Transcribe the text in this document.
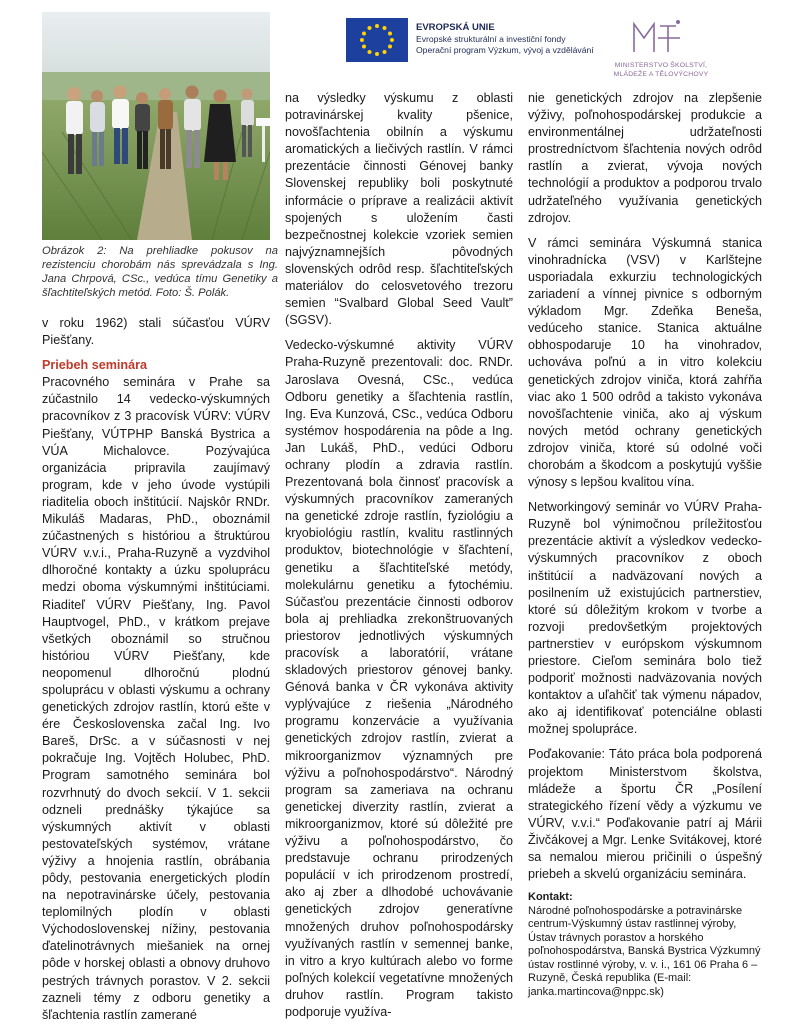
Obrázok 2: Na prehliadke pokusov na rezistenciu chorobám nás sprevádzala s Ing. Jana Chrpová, CSc., vedúca tímu Genetiky a šľachtiteľských metód. Foto: Š. Polák.
EVROPSKÁ UNIE
Evropské strukturální a investiční fondy
Operační program Výzkum, vývoj a vzdělávání
MINISTERSTVO ŠKOLSTVÍ,
MLÁDEŽE A TĚLOVÝCHOVY

v roku 1962) stali súčasťou VÚRV Piešťany.

Priebeh seminára

Pracovného seminára v Prahe sa zúčastnilo 14 vedecko-výskumných pracovníkov z 3 pracovísk VÚRV: VÚRV Piešťany, VÚTPHP Banská Bystrica a VÚA Michalovce. Pozývajúca organizácia pripravila zaujímavý program, kde v jeho úvode vystúpili riaditelia oboch inštitúcií. Najskôr RNDr. Mikuláš Madaras, PhD., oboznámil zúčastnených s históriou a štruktúrou VÚRV v.v.i., Praha-Ruzyně a vyzdvihol dlhoročné kontakty a úzku spoluprácu medzi oboma výskumnými inštitúciami. Riaditeľ VÚRV Piešťany, Ing. Pavol Hauptvogel, PhD., v krátkom prejave všetkých oboznámil so stručnou históriou VÚRV Piešťany, kde neopomenul dlhoročnú plodnú spoluprácu v oblasti výskumu a ochrany genetických zdrojov rastlín, ktorú ešte v ére Československa začal Ing. Ivo Bareš, DrSc. a v súčasnosti v nej pokračuje Ing. Vojtěch Holubec, PhD. Program samotného seminára bol rozvrhnutý do dvoch sekcií. V 1. sekcii odzneli prednášky týkajúce sa výskumných aktivít v oblasti pestovateľských systémov, vrátane výživy a hnojenia rastlín, obrábania pôdy, pestovania energetických plodín na nepotravinárske účely, pestovania teplomilných plodín v oblasti Východoslovenskej nížiny, pestovania ďatelinotrávnych miešaniek na ornej pôde v horskej oblasti a obnovy druhovo pestrých trávnych porastov. V 2. sekcii zazneli témy z odboru genetiky a šľachtenia rastlín zamerané

na výsledky výskumu z oblasti potravinárskej kvality pšenice, novošľachtenia obilnín a výskumu aromatických a liečivých rastlín. V rámci prezentácie činnosti Génovej banky Slovenskej republiky boli poskytnuté informácie o príprave a realizácii aktivít spojených s uložením časti bezpečnostnej kolekcie vzoriek semien najvýznamnejších pôvodných slovenských odrôd resp. šľachtiteľských materiálov do celosvetového trezoru semien “Svalbard Global Seed Vault” (SGSV).

Vedecko-výskumné aktivity VÚRV Praha-Ruzyně prezentovali: doc. RNDr. Jaroslava Ovesná, CSc., vedúca Odboru genetiky a šľachtenia rastlín, Ing. Eva Kunzová, CSc., vedúca Odboru systémov hospodárenia na pôde a Ing. Jan Lukáš, PhD., vedúci Odboru ochrany plodín a zdravia rastlín. Prezentovaná bola činnosť pracovísk a výskumných pracovníkov zameraných na genetické zdroje rastlín, fyziológiu a kryobiológiu rastlín, kvalitu rastlinných produktov, biotechnológie v šľachtení, genetiku a šľachtiteľské metódy, molekulárnu genetiku a fytochémiu. Súčasťou prezentácie činnosti odborov bola aj prehliadka zrekonštruovaných priestorov jednotlivých výskumných pracovísk a laboratórií, vrátane skladových priestorov génovej banky. Génová banka v ČR vykonáva aktivity vyplývajúce z riešenia „Národného programu konzervácie a využívania genetických zdrojov rastlín, zvierat a mikroorganizmov významných pre výživu a poľnohospodárstvo“. Národný program sa zameriava na ochranu genetickej diverzity rastlín, zvierat a mikroorganizmov, ktoré sú dôležité pre výživu a poľnohospodárstvo, čo predstavuje ochranu prirodzených populácií v ich prirodzenom prostredí, ako aj zber a dlhodobé uchovávanie genetických zdrojov generatívne množených druhov poľnohospodársky využívaných rastlín v semennej banke, in vitro a kryo kultúrach alebo vo forme poľných kolekcií vegetatívne množených druhov rastlín. Program takisto podporuje využíva-

nie genetických zdrojov na zlepšenie výživy, poľnohospodárskej produkcie a environmentálnej udržateľnosti prostredníctvom šľachtenia nových odrôd rastlín a zvierat, vývoja nových technológií a produktov a podporou trvalo udržateľného využívania genetických zdrojov.

V rámci seminára Výskumná stanica vinohradnícka (VSV) v Karlštejne usporiadala exkurziu technologických zariadení a vínnej pivnice s odborným výkladom Mgr. Zdeňka Beneša, vedúceho stanice. Stanica aktuálne obhospodaruje 10 ha vinohradov, uchováva poľnú a in vitro kolekciu genetických zdrojov viniča, ktorá zahŕňa viac ako 1 500 odrôd a takisto vykonáva novošľachtenie viniča, ako aj výskum nových metód ochrany genetických zdrojov viniča, ktoré sú odolné voči chorobám a škodcom a poskytujú vyššie výnosy s lepšou kvalitou vína.

Networkingový seminár vo VÚRV Praha-Ruzyně bol výnimočnou príležitosťou prezentácie aktivít a výsledkov vedecko-výskumných pracovníkov z oboch inštitúcií a nadväzovaní nových a posilnením už existujúcich partnerstiev, ktoré sú dôležitým krokom v tvorbe a rozvoji predovšetkým projektových partnerstiev v európskom výskumnom priestore. Cieľom seminára bolo tiež podporiť možnosti nadväzovania nových kontaktov a uľahčiť tak výmenu nápadov, ako aj identifikovať potenciálne oblasti možnej spolupráce.

Poďakovanie: Táto práca bola podporená projektom Ministerstvom školstva, mládeže a športu ČR „Posílení strategického řízení vědy a výzkumu ve VÚRV, v.v.i.“ Poďakovanie patrí aj Márii Živčákovej a Mgr. Lenke Svitákovej, ktoré sa nemalou mierou pričinili o úspešný priebeh a skvelú organizáciu seminára.

Kontakt:
Národné poľnohospodárske a potravinárske centrum-Výskumný ústav rastlinnej výroby, Ústav trávnych porastov a horského poľnohospodárstva, Banská Bystrica Výzkumný ústav rostlinné výroby, v. v. i., 161 06 Praha 6 – Ruzyně, Česká republika (E-mail: janka.martincova@nppc.sk)
